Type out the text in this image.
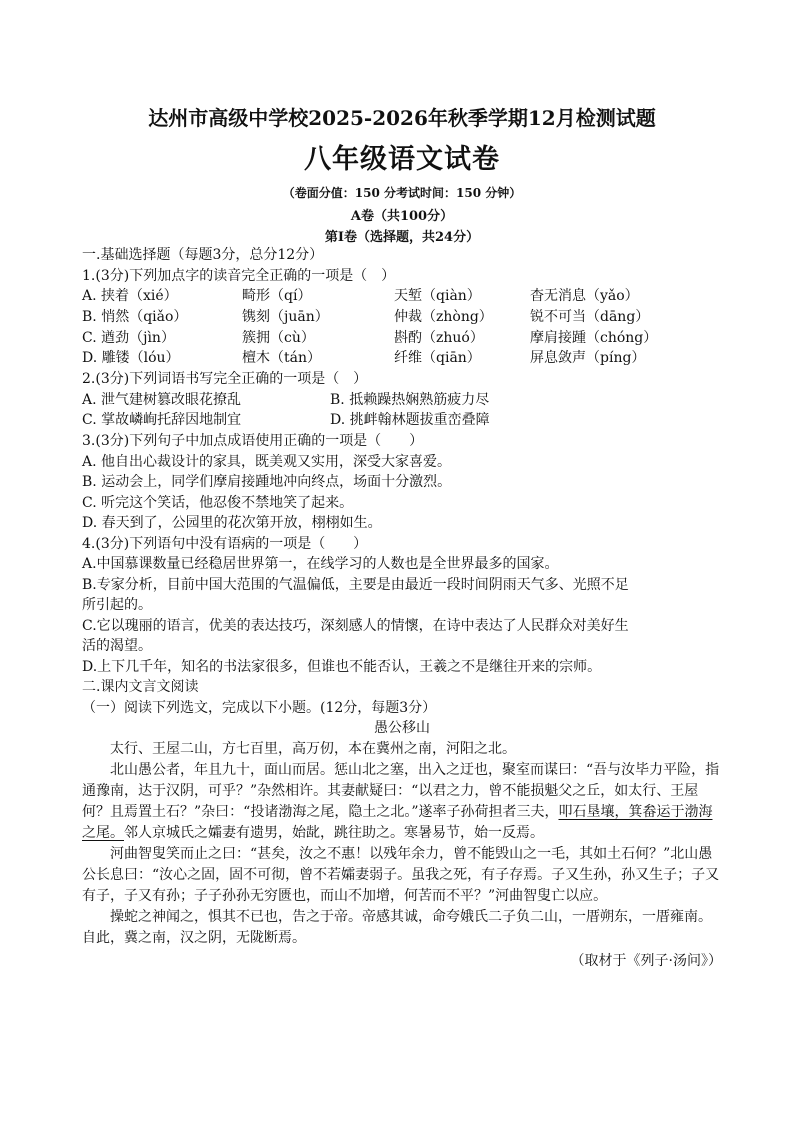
达州市高级中学校2025-2026年秋季学期12月检测试题
八年级语文试卷
（卷面分值：150 分考试时间：150 分钟）
A卷（共100分）
第Ⅰ卷（选择题，共24分）
一.基础选择题（每题3分，总分12分）
1.(3分)下列加点字的读音完全正确的一项是（　）
A. 挟着（xié）	畸形（qí）	天堑（qiàn）	杳无消息（yǎo）
B. 悄然（qiǎo）	镌刻（juān）	仲裁（zhòng）	锐不可当（dāng）
C. 遒劲（jìn）	簇拥（cù）	斟酌（zhuó）	摩肩接踵（chóng）
D. 雕镂（lóu）	檀木（tán）	纤维（qiān）	屏息敛声（píng）
2.(3分)下列词语书写完全正确的一项是（　）
A. 泄气建树篡改眼花撩乱	B. 抵赖躁热娴熟筋疲力尽
C. 掌故嶙峋托辞因地制宜	D. 挑衅翰林题拔重峦叠障
3.(3分)下列句子中加点成语使用正确的一项是（　　）
A. 他自出心裁设计的家具，既美观又实用，深受大家喜爱。
B. 运动会上，同学们摩肩接踵地冲向终点，场面十分激烈。
C. 听完这个笑话，他忍俊不禁地笑了起来。
D. 春天到了，公园里的花次第开放，栩栩如生。
4.(3分)下列语句中没有语病的一项是（　　）
A.中国慕课数量已经稳居世界第一，在线学习的人数也是全世界最多的国家。
B.专家分析，目前中国大范围的气温偏低，主要是由最近一段时间阴雨天气多、光照不足
所引起的。
C.它以瑰丽的语言，优美的表达技巧，深刻感人的情懷，在诗中表达了人民群众对美好生
活的渴望。
D.上下几千年，知名的书法家很多，但谁也不能否认，王羲之不是继往开来的宗师。
二.课内文言文阅读
（一）阅读下列选文，完成以下小题。(12分，每题3分）
愚公移山
太行、王屋二山，方七百里，高万仞，本在冀州之南，河阳之北。
北山愚公者，年且九十，面山而居。惩山北之塞，出入之迂也，聚室而谋曰：“吾与汝毕力平险，指通豫南，达于汉阴，可乎？”杂然相许。其妻献疑曰：“以君之力，曾不能损魁父之丘，如太行、王屋何？且焉置土石？”杂曰：“投诸渤海之尾，隐土之北。”遂率子孙荷担者三夫，叩石垦壤，箕畚运于渤海之尾。邻人京城氏之孀妻有遗男，始龀，跳往助之。寒暑易节，始一反焉。
河曲智叟笑而止之曰：“甚矣，汝之不惠！以残年余力，曾不能毁山之一毛，其如土石何？”北山愚公长息曰：“汝心之固，固不可彻，曾不若孀妻弱子。虽我之死，有子存焉。子又生孙，孙又生子；子又有子，子又有孙；子子孙孙无穷匮也，而山不加增，何苦而不平？”河曲智叟亡以应。
操蛇之神闻之，惧其不已也，告之于帝。帝感其诚，命夸娥氏二子负二山，一厝朔东，一厝雍南。自此，冀之南，汉之阴，无陇断焉。
（取材于《列子·汤问》）
